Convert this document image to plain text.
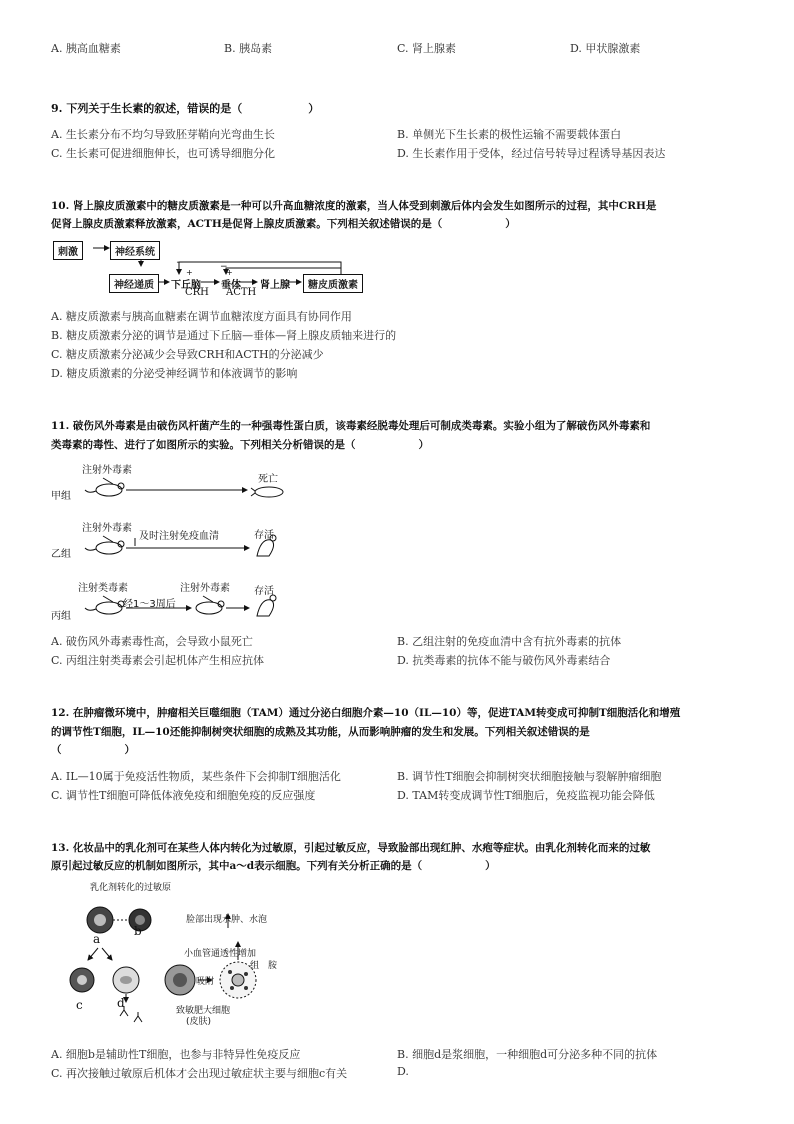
A. 胰高血糖素	B. 胰岛素	C. 肾上腺素	D. 甲状腺激素
9. 下列关于生长素的叙述，错误的是（　　　　　　）
A. 生长素分布不均匀导致胚芽鞘向光弯曲生长	B. 单侧光下生长素的极性运输不需要载体蛋白
C. 生长素可促进细胞伸长，也可诱导细胞分化	D. 生长素作用于受体，经过信号转导过程诱导基因表达
10. 肾上腺皮质激素中的糖皮质激素是一种可以升高血糖浓度的激素，当人体受到刺激后体内会发生如图所示的过程，其中CRH是
促肾上腺皮质激素释放激素，ACTH是促肾上腺皮质激素。下列相关叙述错误的是（　　　　　　）
刺激	神经系统
神经递质	下丘脑 垂体 肾上腺	糖皮质激素
CRH ACTH
+	+
−	−
A. 糖皮质激素与胰高血糖素在调节血糖浓度方面具有协同作用
B. 糖皮质激素分泌的调节是通过下丘脑—垂体—肾上腺皮质轴来进行的
C. 糖皮质激素分泌减少会导致CRH和ACTH的分泌减少
D. 糖皮质激素的分泌受神经调节和体液调节的影响
11. 破伤风外毒素是由破伤风杆菌产生的一种强毒性蛋白质，该毒素经脱毒处理后可制成类毒素。实验小组为了解破伤风外毒素和
类毒素的毒性、进行了如图所示的实验。下列相关分析错误的是（　　　　　　）
注射外毒素
死亡
甲组
注射外毒素
及时注射免疫血清	存活
乙组
注射类毒素	注射外毒素 存活
经1～3周后
丙组
A. 破伤风外毒素毒性高，会导致小鼠死亡	B. 乙组注射的免疫血清中含有抗外毒素的抗体
C. 丙组注射类毒素会引起机体产生相应抗体	D. 抗类毒素的抗体不能与破伤风外毒素结合
12. 在肿瘤微环境中，肿瘤相关巨噬细胞（TAM）通过分泌白细胞介素—10（IL—10）等，促进TAM转变成可抑制T细胞活化和增殖
的调节性T细胞，IL—10还能抑制树突状细胞的成熟及其功能，从而影响肿瘤的发生和发展。下列相关叙述错误的是
（　　　　　　）
A. IL—10属于免疫活性物质，某些条件下会抑制T细胞活化	B. 调节性T细胞会抑制树突状细胞接触与裂解肿瘤细胞
C. 调节性T细胞可降低体液免疫和细胞免疫的反应强度	D. TAM转变成调节性T细胞后，免疫监视功能会降低
13. 化妆品中的乳化剂可在某些人体内转化为过敏原，引起过敏反应，导致脸部出现红肿、水疱等症状。由乳化剂转化而来的过敏
原引起过敏反应的机制如图所示，其中a～d表示细胞。下列有关分析正确的是（　　　　　　）
乳化剂转化的过敏原
a
b
c	d
脸部出现水肿、水泡
小血管通透性增加
组　胺
吸附
致敏肥大细胞
(皮肤)
A. 细胞b是辅助性T细胞，也参与非特异性免疫反应	B. 细胞d是浆细胞，一种细胞d可分泌多种不同的抗体
C. 再次接触过敏原后机体才会出现过敏症状主要与细胞c有关	D.
